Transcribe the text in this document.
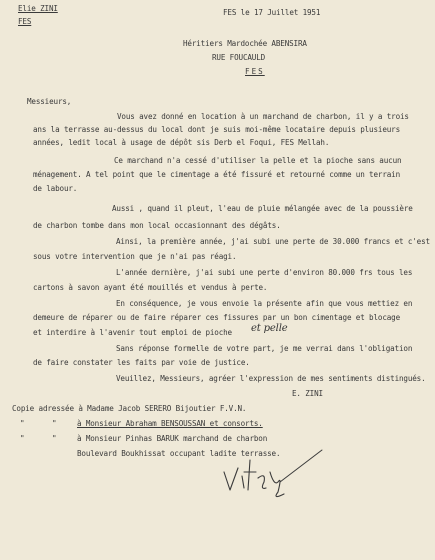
Elie ZINI
FES
FES le 17 Juillet 1951
Héritiers Mardochée ABENSIRA
RUE FOUCAULD
FES
Messieurs,
Vous avez donné en location à un marchand de charbon, il y a trois
ans la terrasse au-dessus du local dont je suis moi-même locataire depuis plusieurs
années, ledit local à usage de dépôt sis Derb el Foqui, FES Mellah.
Ce marchand n'a cessé d'utiliser la pelle et la pioche sans aucun
ménagement. A tel point que le cimentage a été fissuré et retourné comme un terrain
de labour.
Aussi , quand il pleut, l'eau de pluie mélangée avec de la poussière
de charbon tombe dans mon local occasionnant des dégâts.
Ainsi, la première année, j'ai subi une perte de 30.000 francs et c'est
sous votre intervention que je n'ai pas réagi.
L'année dernière, j'ai subi une perte d'environ 80.000 frs tous les
cartons à savon ayant été mouillés et vendus à perte.
En conséquence, je vous envoie la présente afin que vous mettiez en
demeure de réparer ou de faire réparer ces fissures par un bon cimentage et blocage
et interdire à l'avenir tout emploi de pioche et pelle
Sans réponse formelle de votre part, je me verrai dans l'obligation
de faire constater les faits par voie de justice.
Veuillez, Messieurs, agréer l'expression de mes sentiments distingués.
E. ZINI
Copie adressée à Madame Jacob SERERO Bijoutier F.V.N.
"	"	à Monsieur Abraham BENSOUSSAN et consorts.
"	"	à Monsieur Pinhas BARUK marchand de charbon
Boulevard Boukhissat occupant ladite terrasse.
